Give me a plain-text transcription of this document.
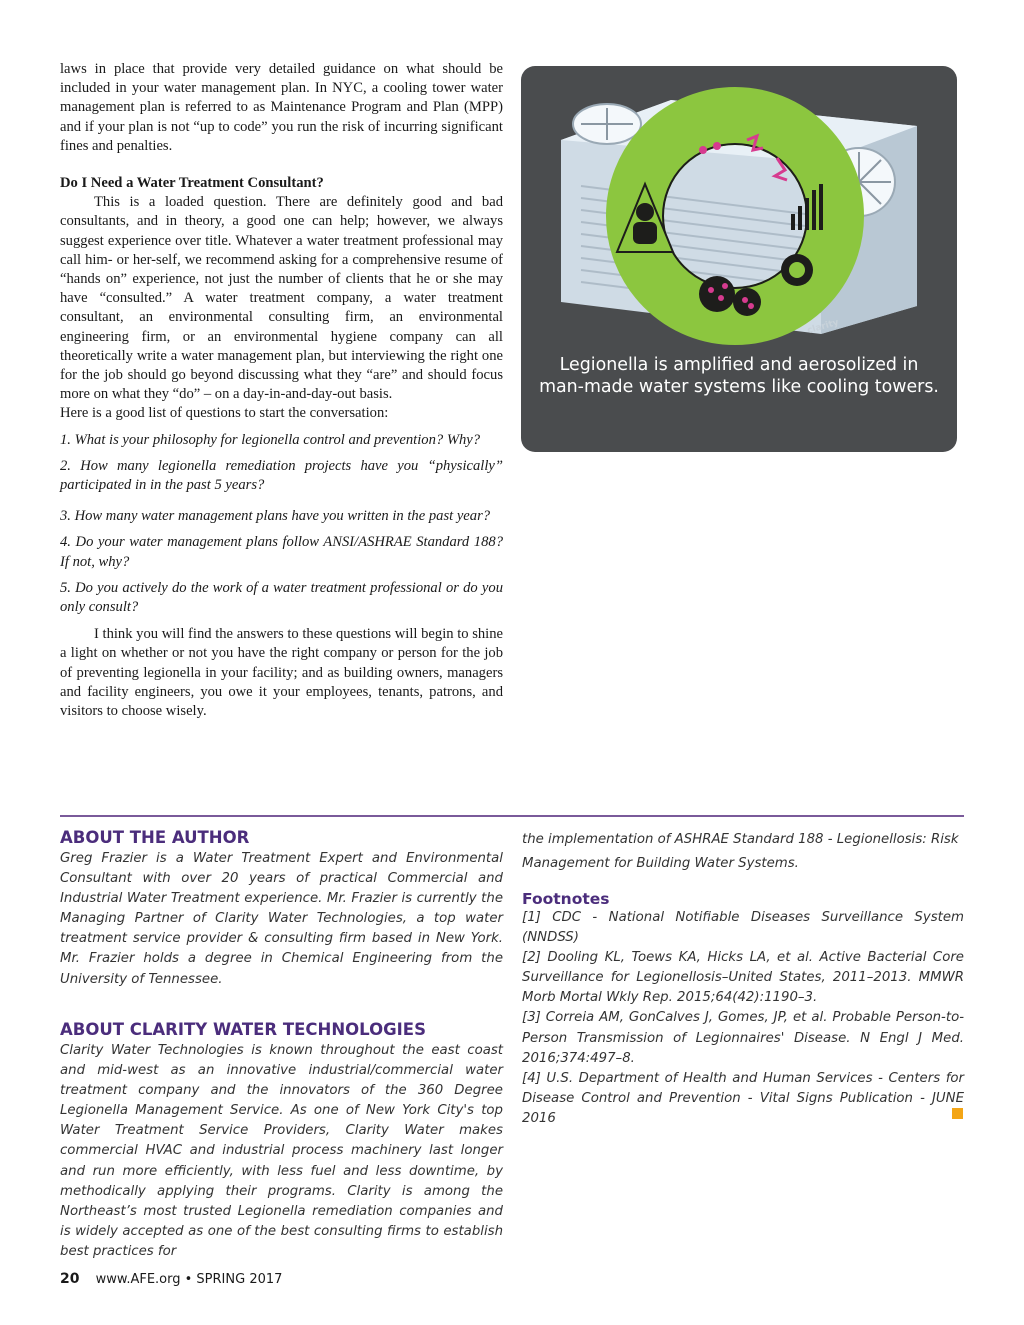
laws in place that provide very detailed guidance on what should be included in your water management plan. In NYC, a cooling tower water management plan is referred to as Maintenance Program and Plan (MPP) and if your plan is not “up to code” you run the risk of incurring significant fines and penalties.

Do I Need a Water Treatment Consultant?

This is a loaded question. There are definitely good and bad consultants, and in theory, a good one can help; however, we always suggest experience over title. Whatever a water treatment professional may call him- or her-self, we recommend asking for a comprehensive resume of “hands on” experience, not just the number of clients that he or she may have “consulted.” A water treatment company, a water treatment consultant, an environmental consulting firm, an environmental engineering firm, or an environmental hygiene company can all theoretically write a water management plan, but interviewing the right one for the job should go beyond discussing what they “are” and should focus more on what they “do” – on a day-in-and-day-out basis.

Here is a good list of questions to start the conversation:

1. What is your philosophy for legionella control and prevention? Why?

2. How many legionella remediation projects have you “physically” participated in in the past 5 years?

3. How many water management plans have you written in the past year?

4. Do your water management plans follow ANSI/ASHRAE Standard 188? If not, why?

5. Do you actively do the work of a water treatment professional or do you only consult?

I think you will find the answers to these questions will begin to shine a light on whether or not you have the right company or person for the job of preventing legionella in your facility; and as building owners, managers and facility engineers, you owe it your employees, tenants, patrons, and visitors to choose wisely.

clarity
Legionella is amplified and aerosolized in
man-made water systems like cooling towers.
ABOUT THE AUTHOR

Greg Frazier is a Water Treatment Expert and Environmental Consultant with over 20 years of practical Commercial and Industrial Water Treatment experience. Mr. Frazier is currently the Managing Partner of Clarity Water Technologies, a top water treatment service provider & consulting firm based in New York. Mr. Frazier holds a degree in Chemical Engineering from the University of Tennessee.

ABOUT CLARITY WATER TECHNOLOGIES

Clarity Water Technologies is known throughout the east coast and mid-west as an innovative industrial/commercial water treatment company and the innovators of the 360 Degree Legionella Management Service. As one of New York City's top Water Treatment Service Providers, Clarity Water makes commercial HVAC and industrial process machinery last longer and run more efficiently, with less fuel and less downtime, by methodically applying their programs. Clarity is among the Northeast’s most trusted Legionella remediation companies and is widely accepted as one of the best consulting firms to establish best practices for

the implementation of ASHRAE Standard 188 - Legionellosis: Risk Management for Building Water Systems.

Footnotes

[1] CDC - National Notifiable Diseases Surveillance System (NNDSS)

[2] Dooling KL, Toews KA, Hicks LA, et al. Active Bacterial Core Surveillance for Legionellosis–United States, 2011–2013. MMWR Morb Mortal Wkly Rep. 2015;64(42):1190–3.

[3] Correia AM, GonCalves J, Gomes, JP, et al. Probable Person-to-Person Transmission of Legionnaires' Disease. N Engl J Med. 2016;374:497–8.

[4] U.S. Department of Health and Human Services - Centers for Disease Control and Prevention - Vital Signs Publication - JUNE 2016

20 www.AFE.org • SPRING 2017
